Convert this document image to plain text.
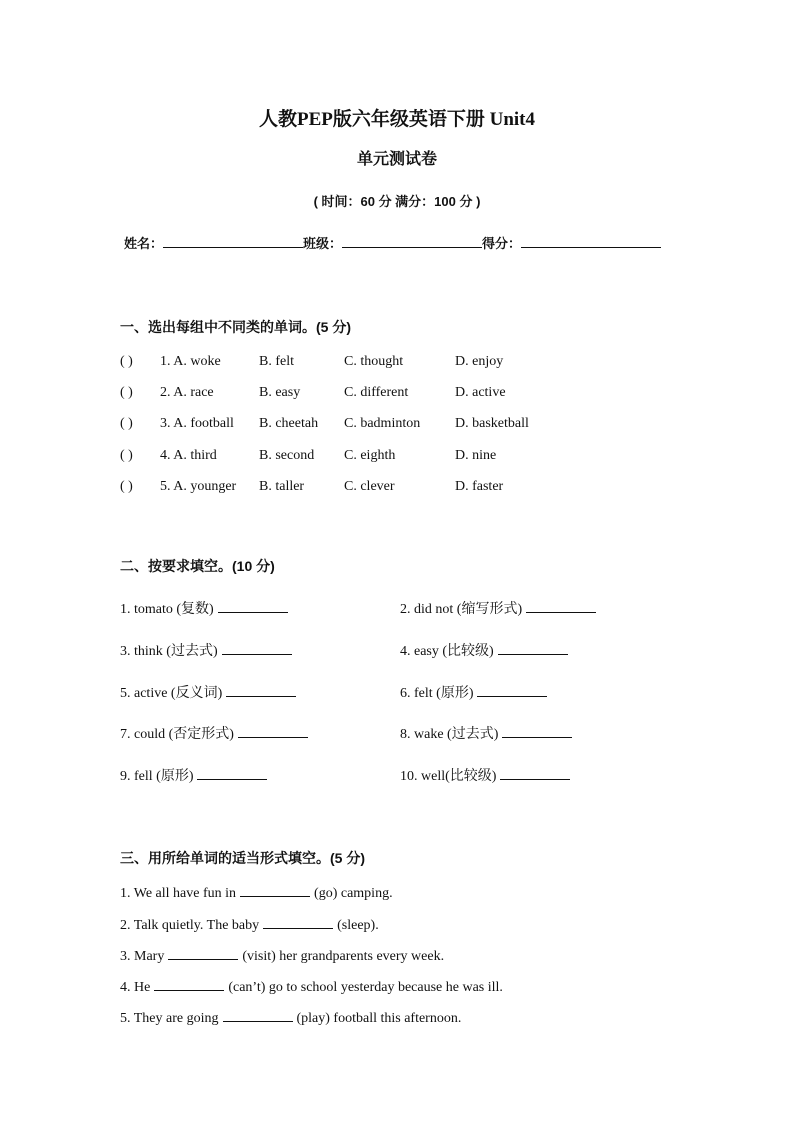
人教PEP版六年级英语下册 Unit4
单元测试卷
( 时间：60 分 满分：100 分 )
姓名：	班级：	得分：
一、选出每组中不同类的单词。(5 分)
( ) 1. A. woke	B. felt	C. thought	D. enjoy
( ) 2. A. race	B. easy	C. different	D. active
( ) 3. A. football B. cheetah C. badminton D. basketball
( ) 4. A. third	B. second C. eighth	D. nine
( ) 5. A. younger B. taller	C. clever	D. faster
二、按要求填空。(10 分)
1. tomato (复数)	2. did not (缩写形式)
3. think (过去式)	4. easy (比较级)
5. active (反义词)	6. felt (原形)
7. could (否定形式)	8. wake (过去式)
9. fell (原形)	10. well(比较级)
三、用所给单词的适当形式填空。(5 分)
1. We all have fun in	(go) camping.
2. Talk quietly. The baby	(sleep).
3. Mary	(visit) her grandparents every week.
4. He	(can’t) go to school yesterday because he was ill.
5. They are going	(play) football this afternoon.
